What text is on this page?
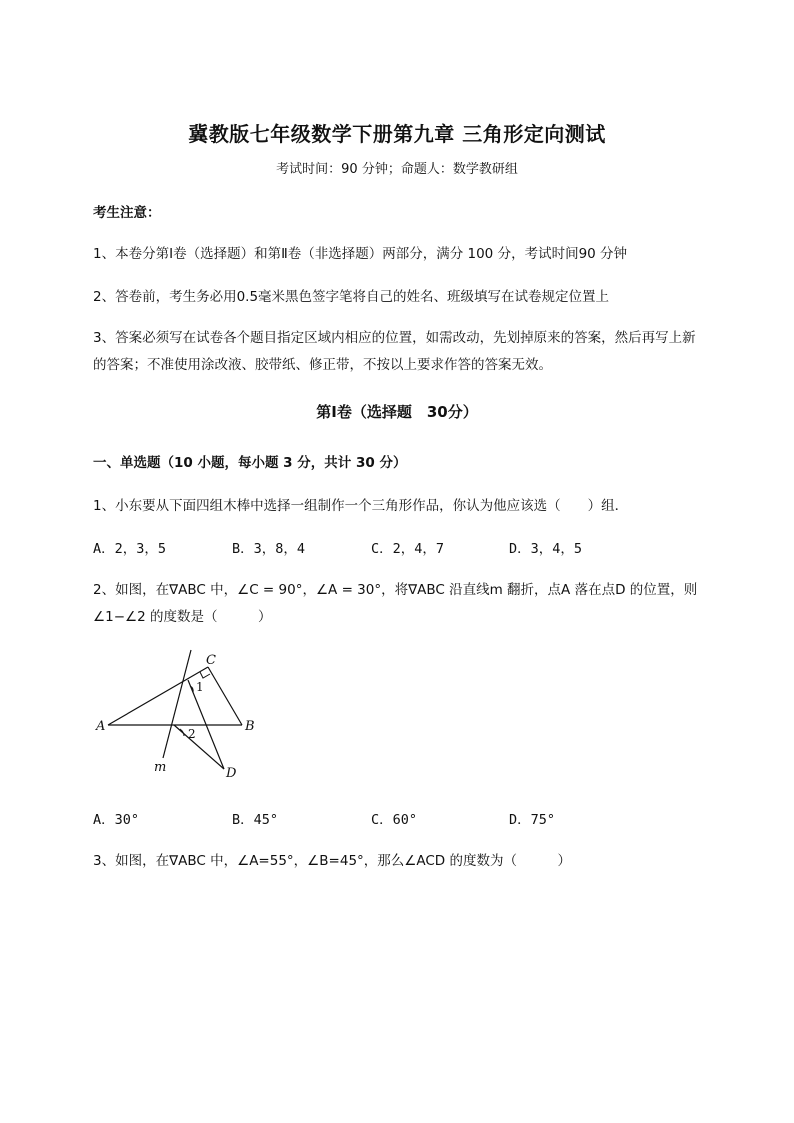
冀教版七年级数学下册第九章 三角形定向测试
考试时间：90 分钟；命题人：数学教研组
考生注意：
1、本卷分第Ⅰ卷（选择题）和第Ⅱ卷（非选择题）两部分，满分 100 分，考试时间90 分钟
2、答卷前，考生务必用0.5毫米黑色签字笔将自己的姓名、班级填写在试卷规定位置上
3、答案必须写在试卷各个题目指定区域内相应的位置，如需改动，先划掉原来的答案，然后再写上新
的答案；不准使用涂改液、胶带纸、修正带，不按以上要求作答的答案无效。
第Ⅰ卷（选择题　30分）
一、单选题（10 小题，每小题 3 分，共计 30 分）
1、小东要从下面四组木棒中选择一组制作一个三角形作品，你认为他应该选（　　）组．
A．2，3，5	B．3，8，4	C．2，4，7	D．3，4，5
2、如图，在∇ABC 中，∠C = 90°，∠A = 30°，将∇ABC 沿直线m 翻折，点A 落在点D 的位置，则
∠1−∠2 的度数是（　　　）
A	B
C
D
m
1
2
A．30°	B．45°	C．60°	D．75°
3、如图，在∇ABC 中，∠A=55°，∠B=45°，那么∠ACD 的度数为（　　　）
